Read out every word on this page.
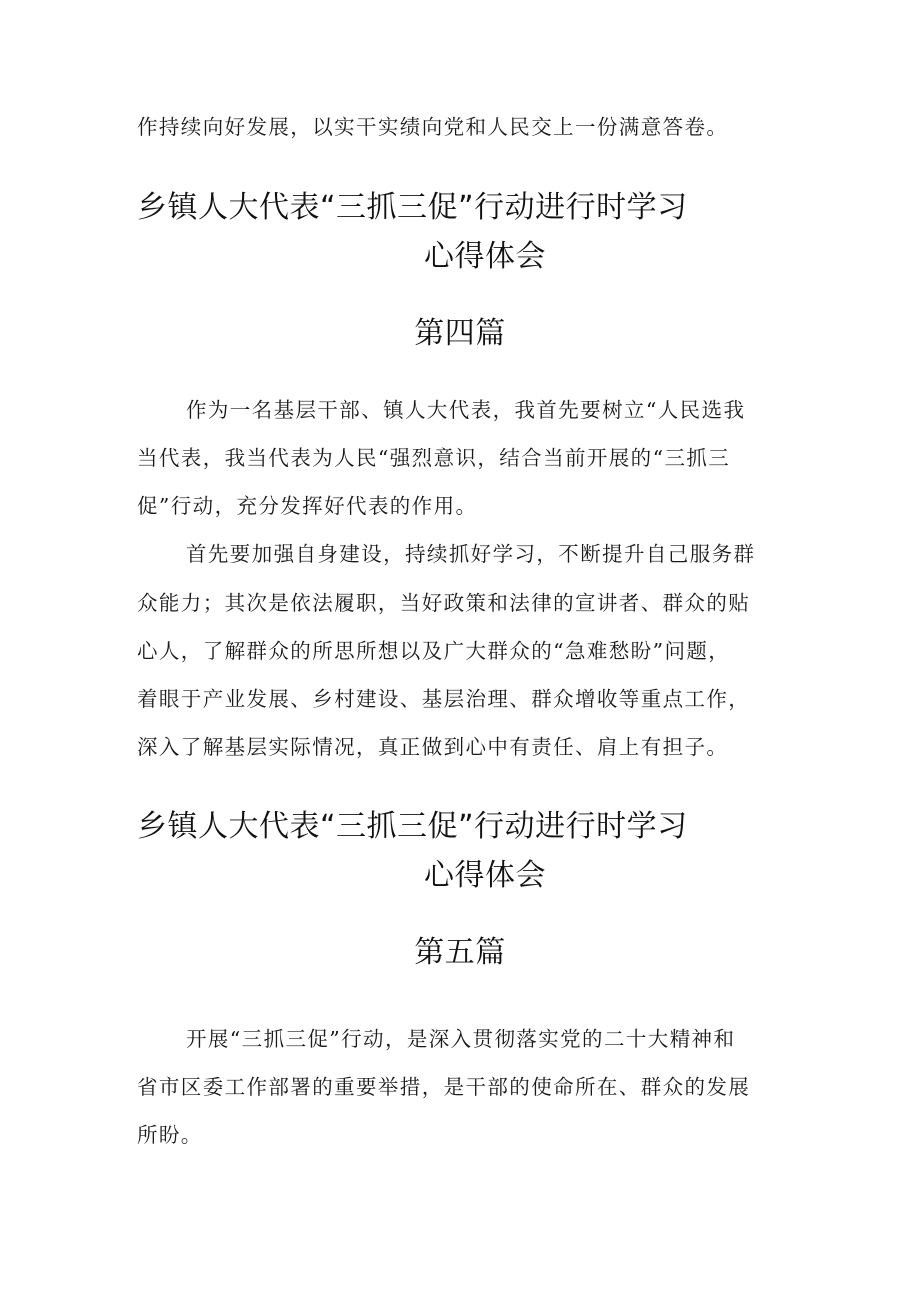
作持续向好发展，以实干实绩向党和人民交上一份满意答卷。
乡镇人大代表“三抓三促”行动进行时学习
心得体会
第四篇
作为一名基层干部、镇人大代表，我首先要树立“人民选我
当代表，我当代表为人民“强烈意识，结合当前开展的“三抓三
促”行动，充分发挥好代表的作用。
首先要加强自身建设，持续抓好学习，不断提升自己服务群
众能力；其次是依法履职，当好政策和法律的宣讲者、群众的贴
心人，了解群众的所思所想以及广大群众的“急难愁盼”问题，
着眼于产业发展、乡村建设、基层治理、群众增收等重点工作，
深入了解基层实际情况，真正做到心中有责任、肩上有担子。
乡镇人大代表“三抓三促”行动进行时学习
心得体会
第五篇
开展“三抓三促”行动，是深入贯彻落实党的二十大精神和
省市区委工作部署的重要举措，是干部的使命所在、群众的发展
所盼。
